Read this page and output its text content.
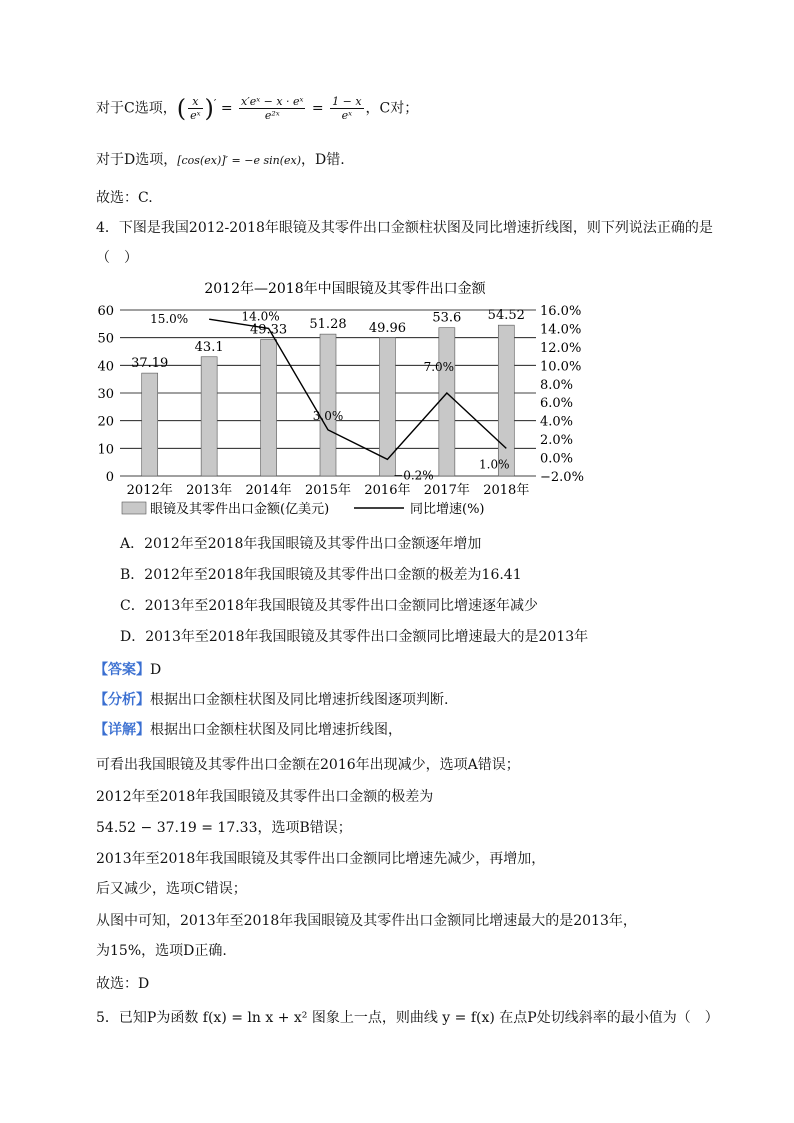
对于C选项，( $\frac{x}{\text{eˣ}} )' = \frac{\text{x′eˣ − x · eˣ}}{\text{e²ˣ}} = \frac{1 - x}{\text{eˣ}}$ ，C对；
对于D选项，[cos(ex)]′ = −e sin(ex)，D错.
故选：C.
4．下图是我国2012-2018年眼镜及其零件出口金额柱状图及同比增速折线图，则下列说法正确的是
（　）
2012年—2018年中国眼镜及其零件出口金额
0
10
20
30
40
50
60
−2.0%
0.0%
2.0%
4.0%
6.0%
8.0%
10.0%
12.0%
14.0%
16.0%
37.19
43.1
49.33 51.28 49.96
53.6 54.52
15.0%	14.0%
3.0%
−0.2%
7.0%
1.0%
2012年 2013年 2014年 2015年 2016年 2017年 2018年
眼镜及其零件出口金额(亿美元)	同比增速(%)
A．2012年至2018年我国眼镜及其零件出口金额逐年增加
B．2012年至2018年我国眼镜及其零件出口金额的极差为16.41
C．2013年至2018年我国眼镜及其零件出口金额同比增速逐年减少
D．2013年至2018年我国眼镜及其零件出口金额同比增速最大的是2013年
【答案】D
【分析】根据出口金额柱状图及同比增速折线图逐项判断.
【详解】根据出口金额柱状图及同比增速折线图，
可看出我国眼镜及其零件出口金额在2016年出现减少，选项A错误；
2012年至2018年我国眼镜及其零件出口金额的极差为
54.52 − 37.19 = 17.33，选项B错误；
2013年至2018年我国眼镜及其零件出口金额同比增速先减少，再增加，
后又减少，选项C错误；
从图中可知，2013年至2018年我国眼镜及其零件出口金额同比增速最大的是2013年，
为15%，选项D正确.
故选：D
5．已知P为函数 f(x) = ln x + x² 图象上一点，则曲线 y = f(x) 在点P处切线斜率的最小值为（　）
